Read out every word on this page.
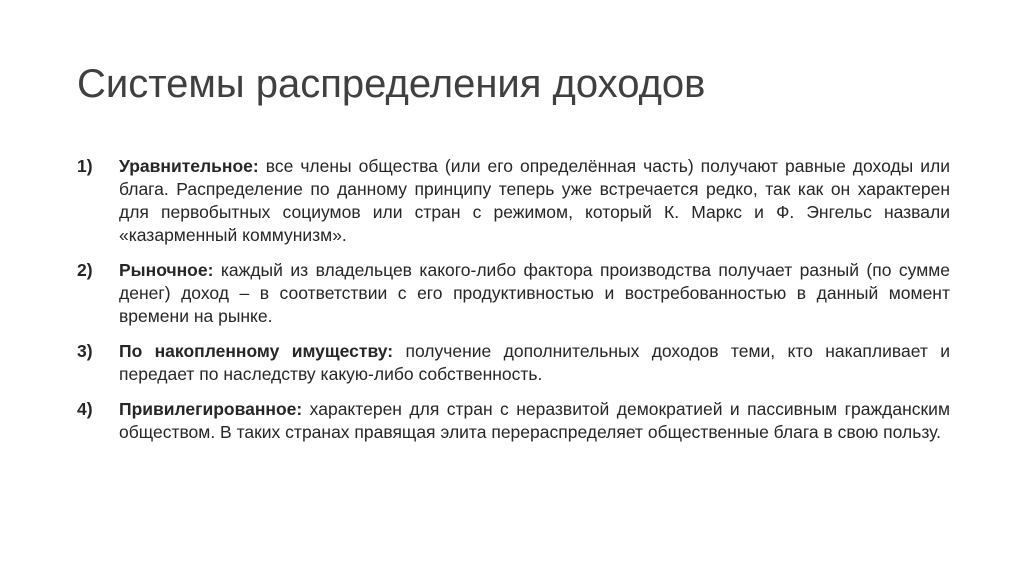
Системы распределения доходов
1) Уравнительное: все члены общества (или его определённая часть) получают равные доходы или блага. Распределение по данному принципу теперь уже встречается редко, так как он характерен для первобытных социумов или стран с режимом, который К. Маркс и Ф. Энгельс назвали «казарменный коммунизм».
2) Рыночное: каждый из владельцев какого-либо фактора производства получает разный (по сумме денег) доход – в соответствии с его продуктивностью и востребованностью в данный момент времени на рынке.
3) По накопленному имуществу: получение дополнительных доходов теми, кто накапливает и передает по наследству какую-либо собственность.
4) Привилегированное: характерен для стран с неразвитой демократией и пассивным гражданским обществом. В таких странах правящая элита перераспределяет общественные блага в свою пользу.
